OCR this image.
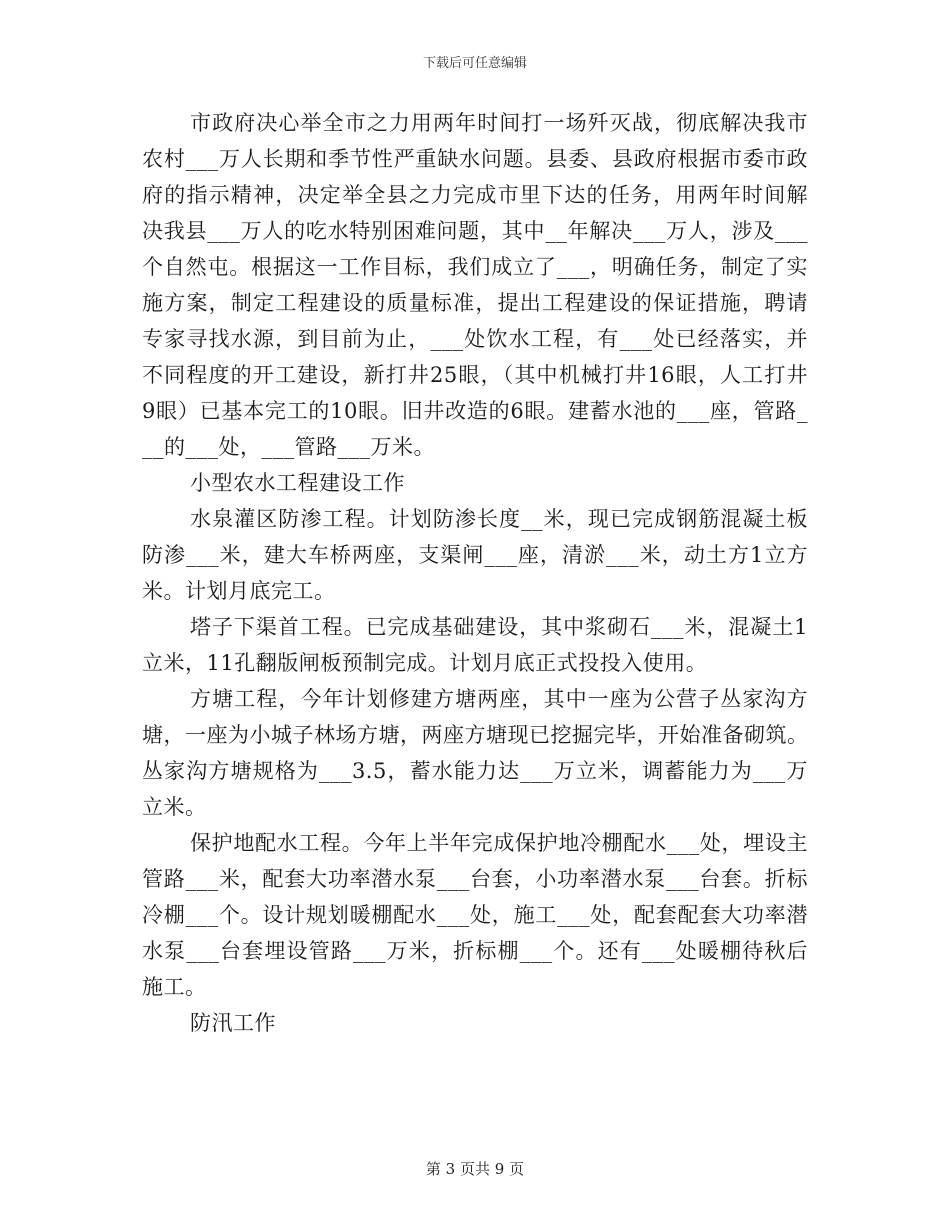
下载后可任意编辑
市政府决心举全市之力用两年时间打一场歼灭战，彻底解决我市
农村___万人长期和季节性严重缺水问题。县委、县政府根据市委市政
府的指示精神，决定举全县之力完成市里下达的任务，用两年时间解
决我县___万人的吃水特别困难问题，其中__年解决___万人，涉及___
个自然屯。根据这一工作目标，我们成立了___，明确任务，制定了实
施方案，制定工程建设的质量标准，提出工程建设的保证措施，聘请
专家寻找水源，到目前为止，___处饮水工程，有___处已经落实，并
不同程度的开工建设，新打井25眼，（其中机械打井16眼，人工打井
9眼）已基本完工的10眼。旧井改造的6眼。建蓄水池的___座，管路_
__的___处，___管路___万米。
小型农水工程建设工作
水泉灌区防渗工程。计划防渗长度__米，现已完成钢筋混凝土板
防渗___米，建大车桥两座，支渠闸___座，清淤___米，动土方1立方
米。计划月底完工。
塔子下渠首工程。已完成基础建设，其中浆砌石___米，混凝土1
立米，11孔翻版闸板预制完成。计划月底正式投投入使用。
方塘工程，今年计划修建方塘两座，其中一座为公营子丛家沟方
塘，一座为小城子林场方塘，两座方塘现已挖掘完毕，开始准备砌筑。
丛家沟方塘规格为___3.5，蓄水能力达___万立米，调蓄能力为___万
立米。
保护地配水工程。今年上半年完成保护地冷棚配水___处，埋设主
管路___米，配套大功率潜水泵___台套，小功率潜水泵___台套。折标
冷棚___个。设计规划暖棚配水___处，施工___处，配套配套大功率潜
水泵___台套埋设管路___万米，折标棚___个。还有___处暖棚待秋后
施工。
防汛工作
第 3 页共 9 页
